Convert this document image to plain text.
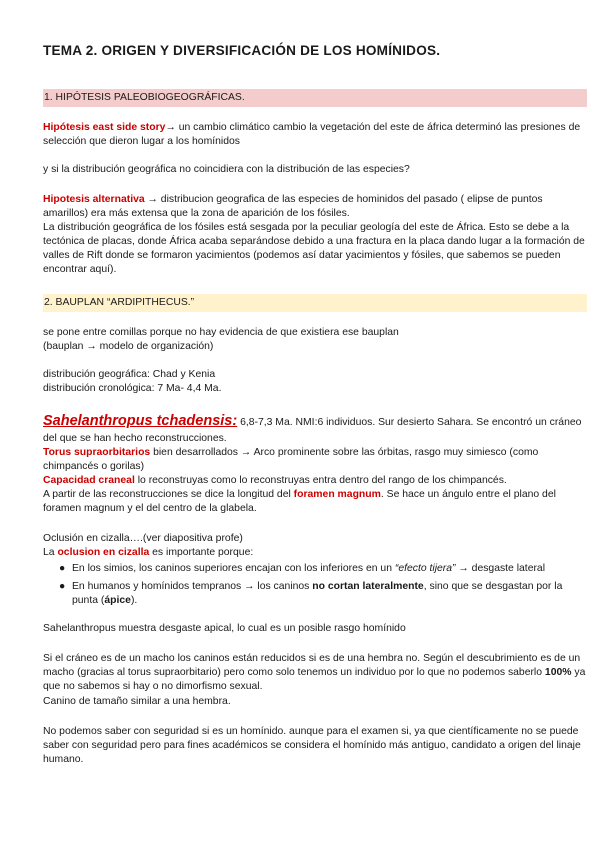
TEMA 2. ORIGEN Y DIVERSIFICACIÓN DE LOS HOMÍNIDOS.
1. HIPÓTESIS PALEOBIOGEOGRÁFICAS.
Hipótesis east side story→ un cambio climático cambio la vegetación del este de áfrica determinó las presiones de selección que dieron lugar a los homínidos
y si la distribución geográfica no coincidiera con la distribución de las especies?
Hipotesis alternativa → distribucion geografica de las especies de hominidos del pasado ( elipse de puntos amarillos) era más extensa que la zona de aparición de los fósiles.
La distribución geográfica de los fósiles está sesgada por la peculiar geología del este de África. Esto se debe a la tectónica de placas, donde África acaba separándose debido a una fractura en la placa dando lugar a la formación de valles de Rift donde se formaron yacimientos (podemos así datar yacimientos y fósiles, que sabemos se pueden encontrar aquí).
2. BAUPLAN “ARDIPITHECUS.”
se pone entre comillas porque no hay evidencia de que existiera ese bauplan
(bauplan → modelo de organización)
distribución geográfica: Chad y Kenia
distribución cronológica: 7 Ma- 4,4 Ma.
Sahelanthropus tchadensis: 6,8-7,3 Ma. NMI:6 individuos. Sur desierto Sahara. Se encontró un cráneo del que se han hecho reconstrucciones.
Torus supraorbitarios bien desarrollados → Arco prominente sobre las órbitas, rasgo muy simiesco (como chimpancés o gorilas)
Capacidad craneal lo reconstruyas como lo reconstruyas entra dentro del rango de los chimpancés.
A partir de las reconstrucciones se dice la longitud del foramen magnum. Se hace un ángulo entre el plano del foramen magnum y el del centro de la glabela.
Oclusión en cizalla….(ver diapositiva profe)
La oclusion en cizalla es importante porque:
● En los simios, los caninos superiores encajan con los inferiores en un “efecto tijera” → desgaste lateral
● En humanos y homínidos tempranos → los caninos no cortan lateralmente, sino que se desgastan por la punta (ápice).
Sahelanthropus muestra desgaste apical, lo cual es un posible rasgo homínido
Si el cráneo es de un macho los caninos están reducidos si es de una hembra no. Según el descubrimiento es de un macho (gracias al torus supraorbitario) pero como solo tenemos un individuo por lo que no podemos saberlo 100% ya que no sabemos si hay o no dimorfismo sexual.
Canino de tamaño similar a una hembra.
No podemos saber con seguridad si es un homínido. aunque para el examen si, ya que científicamente no se puede saber con seguridad pero para fines académicos se considera el homínido más antiguo, candidato a origen del linaje humano.
